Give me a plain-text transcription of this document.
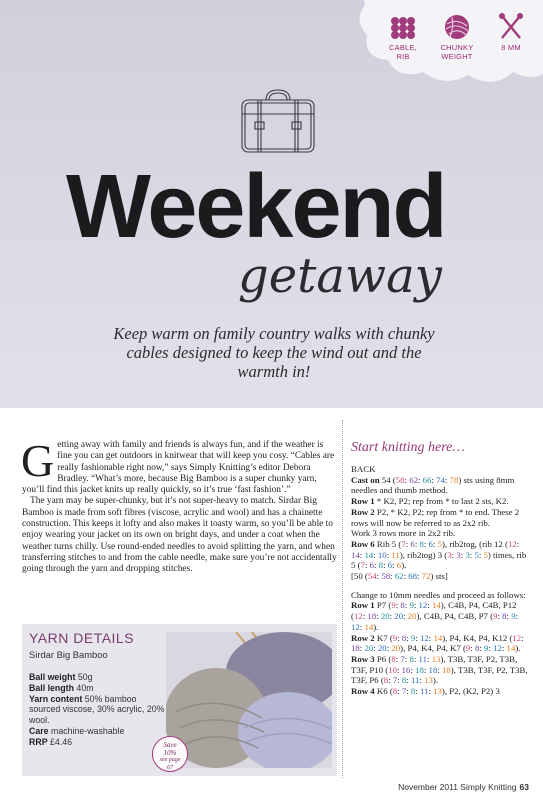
CABLE, RIB
CHUNKY WEIGHT
8 MM
Weekend
getaway
Keep warm on family country walks with chunky cables designed to keep the wind out and the warmth in!

Getting away with family and friends is always fun, and if the weather is fine you can get outdoors in knitwear that will keep you cosy. “Cables are really fashionable right now,” says Simply Knitting’s editor Debora Bradley. “What’s more, because Big Bamboo is a super chunky yarn, you’ll find this jacket knits up really quickly, so it’s true ‘fast fashion’.”

The yarn may be super-chunky, but it’s not super-heavy to match. Sirdar Big Bamboo is made from soft fibres (viscose, acrylic and wool) and has a chainette construction. This keeps it lofty and also makes it toasty warm, so you’ll be able to enjoy wearing your jacket on its own on bright days, and under a coat when the weather turns chilly. Use round-ended needles to avoid splitting the yarn, and when transferring stitches to and from the cable needle, make sure you’re not accidentally going through the yarn and dropping stitches.

YARN DETAILS
Sirdar Big Bamboo
Ball weight 50g
Ball length 40m
Yarn content 50% bamboo sourced viscose, 30% acrylic, 20% wool.
Care machine-washable
RRP £4.46	Save
10%
see page
67
Start knitting here…

BACK

Cast on 54 (58: 62: 66: 74: 78) sts using 8mm needles and thumb method.

Row 1 * K2, P2; rep from * to last 2 sts, K2.

Row 2 P2, * K2, P2; rep from * to end. These 2 rows will now be referred to as 2x2 rib.

Work 3 rows more in 2x2 rib.

Row 6 Rib 5 (7: 6: 8: 6: 5), rib2tog, (rib 12 (12: 14: 14: 10: 11), rib2tog) 3 (3: 3: 3: 5: 5) times, rib 5 (7: 6: 8: 6: 6).

[50 (54: 58: 62: 68: 72) sts]

Change to 10mm needles and proceed as follows:

Row 1 P7 (9: 8: 9: 12: 14), C4B, P4, C4B, P12 (12: 18: 20: 20: 20), C4B, P4, C4B, P7 (9: 8: 9: 12: 14).

Row 2 K7 (9: 8: 9: 12: 14), P4, K4, P4, K12 (12: 18: 20: 20: 20), P4, K4, P4, K7 (9: 8: 9: 12: 14).

Row 3 P6 (8: 7: 8: 11: 13), T3B, T3F, P2, T3B, T3F, P10 (10: 16: 18: 18: 18), T3B, T3F, P2, T3B, T3F, P6 (8: 7: 8: 11: 13).

Row 4 K6 (8: 7: 8: 11: 13), P2, (K2, P2) 3

November 2011 Simply Knitting 63
